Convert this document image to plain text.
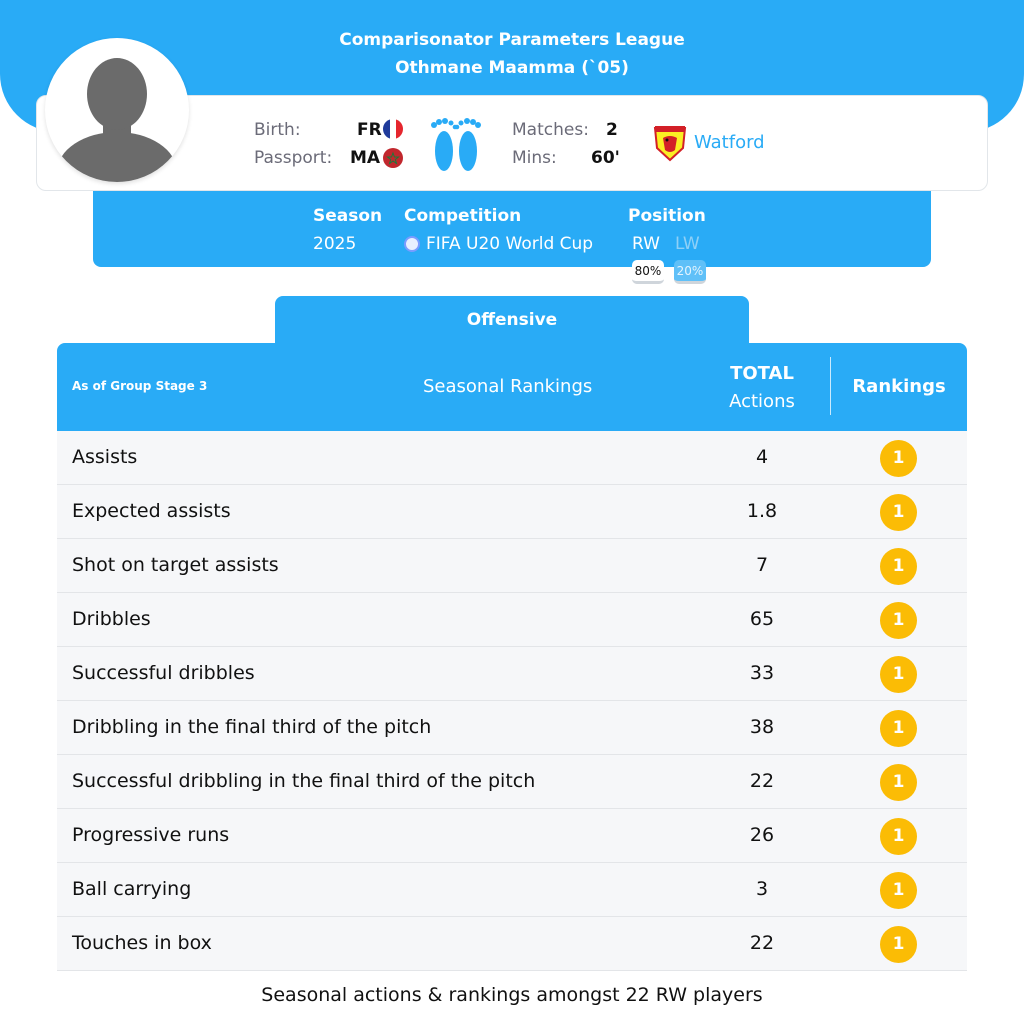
Comparisonator Parameters League
Othmane Maamma (`05)
Birth:	FR
Passport: MA
Matches: 2
Mins: 60'
Watford
Season
2025
Competition
FIFA U20 World Cup
Position
RW LW
80% 20%
Offensive
As of Group Stage 3	Seasonal Rankings
TOTAL
Actions
Rankings
Assists	4	1
Expected assists	1.8	1
Shot on target assists	7	1
Dribbles	65	1
Successful dribbles	33	1
Dribbling in the final third of the pitch	38	1
Successful dribbling in the final third of the pitch	22	1
Progressive runs	26	1
Ball carrying	3	1
Touches in box	22	1
Seasonal actions & rankings amongst 22 RW players
